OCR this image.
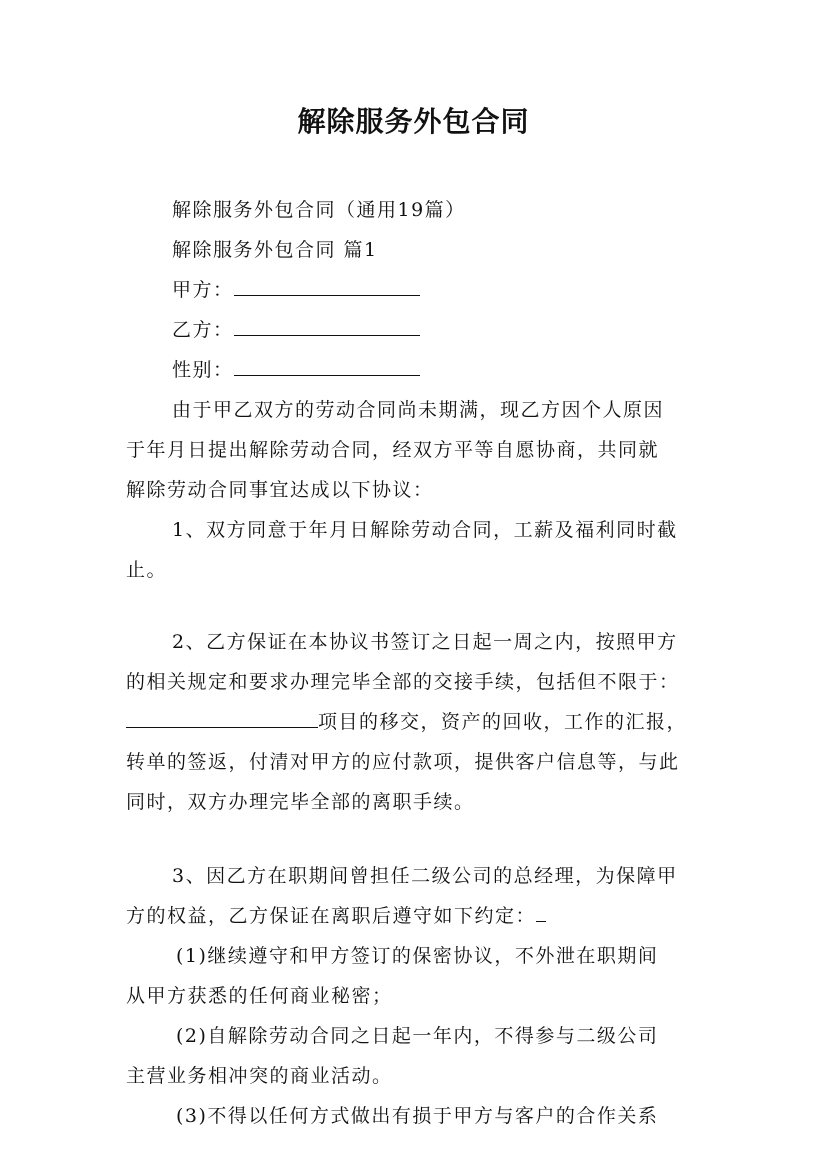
解除服务外包合同
解除服务外包合同（通用19篇）
解除服务外包合同 篇1
甲方：
乙方：
性别：
由于甲乙双方的劳动合同尚未期满，现乙方因个人原因
于年月日提出解除劳动合同，经双方平等自愿协商，共同就
解除劳动合同事宜达成以下协议：
1、双方同意于年月日解除劳动合同，工薪及福利同时截
止。
2、乙方保证在本协议书签订之日起一周之内，按照甲方
的相关规定和要求办理完毕全部的交接手续，包括但不限于：
项目的移交，资产的回收，工作的汇报，
转单的签返，付清对甲方的应付款项，提供客户信息等，与此
同时，双方办理完毕全部的离职手续。
3、因乙方在职期间曾担任二级公司的总经理，为保障甲
方的权益，乙方保证在离职后遵守如下约定：
(1)继续遵守和甲方签订的保密协议，不外泄在职期间
从甲方获悉的任何商业秘密；
(2)自解除劳动合同之日起一年内，不得参与二级公司
主营业务相冲突的商业活动。
(3)不得以任何方式做出有损于甲方与客户的合作关系
